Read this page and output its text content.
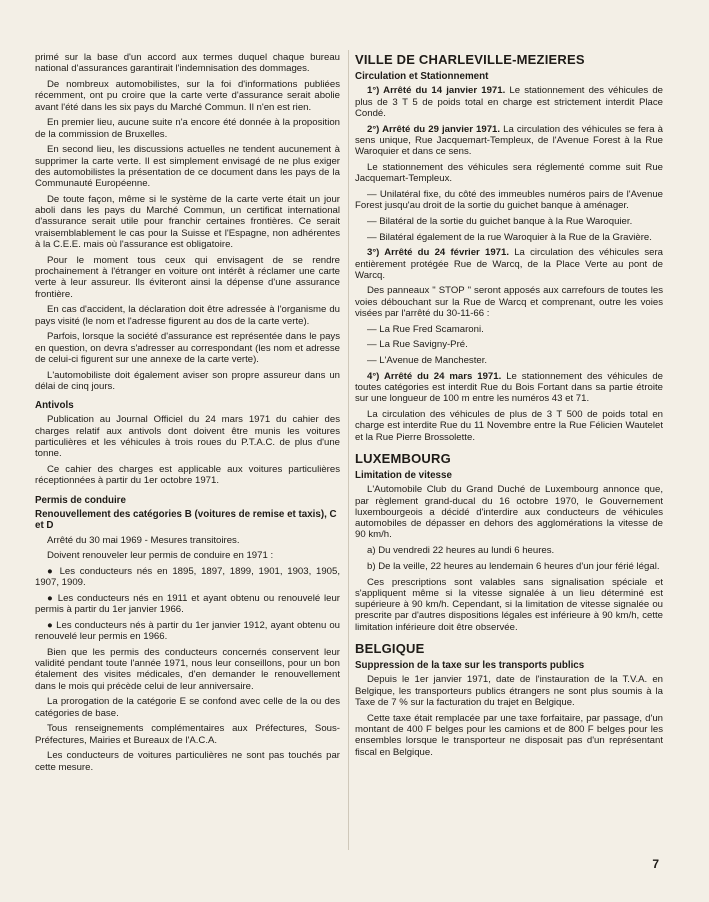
primé sur la base d'un accord aux termes duquel chaque bureau national d'assurances garantirait l'indemnisation des dommages.

De nombreux automobilistes, sur la foi d'informations publiées récemment, ont pu croire que la carte verte d'assurance serait abolie avant l'été dans les six pays du Marché Commun. Il n'en est rien.

En premier lieu, aucune suite n'a encore été donnée à la proposition de la commission de Bruxelles.

En second lieu, les discussions actuelles ne tendent aucunement à supprimer la carte verte. Il est simplement envisagé de ne plus exiger des automobilistes la présentation de ce document dans les pays de la Communauté Européenne.

De toute façon, même si le système de la carte verte était un jour aboli dans les pays du Marché Commun, un certificat international d'assurance serait utile pour franchir certaines frontières. Ce serait vraisemblablement le cas pour la Suisse et l'Espagne, non adhérentes à la C.E.E. mais où l'assurance est obligatoire.

Pour le moment tous ceux qui envisagent de se rendre prochainement à l'étranger en voiture ont intérêt à réclamer une carte verte à leur assureur. Ils éviteront ainsi la dépense d'une assurance frontière.

En cas d'accident, la déclaration doit être adressée à l'organisme du pays visité (le nom et l'adresse figurent au dos de la carte verte).

Parfois, lorsque la société d'assurance est représentée dans le pays en question, on devra s'adresser au correspondant (les nom et adresse de celui-ci figurent sur une annexe de la carte verte).

L'automobiliste doit également aviser son propre assureur dans un délai de cinq jours.

Antivols

Publication au Journal Officiel du 24 mars 1971 du cahier des charges relatif aux antivols dont doivent être munis les voitures particulières et les véhicules à trois roues du P.T.A.C. de plus d'une tonne.

Ce cahier des charges est applicable aux voitures particulières réceptionnées à partir du 1er octobre 1971.

Permis de conduire
Renouvellement des catégories B (voitures de remise et taxis), C et D

Arrêté du 30 mai 1969 - Mesures transitoires.

Doivent renouveler leur permis de conduire en 1971 :

● Les conducteurs nés en 1895, 1897, 1899, 1901, 1903, 1905, 1907, 1909.

● Les conducteurs nés en 1911 et ayant obtenu ou renouvelé leur permis à partir du 1er janvier 1966.

● Les conducteurs nés à partir du 1er janvier 1912, ayant obtenu ou renouvelé leur permis en 1966.

Bien que les permis des conducteurs concernés conservent leur validité pendant toute l'année 1971, nous leur conseillons, pour un bon étalement des visites médicales, d'en demander le renouvellement dans le mois qui précède celui de leur anniversaire.

La prorogation de la catégorie E se confond avec celle de la ou des catégories de base.

Tous renseignements complémentaires aux Préfectures, Sous-Préfectures, Mairies et Bureaux de l'A.C.A.

Les conducteurs de voitures particulières ne sont pas touchés par cette mesure.

VILLE DE CHARLEVILLE-MEZIERES
Circulation et Stationnement

1°) Arrêté du 14 janvier 1971. Le stationnement des véhicules de plus de 3 T 5 de poids total en charge est strictement interdit Place Condé.

2°) Arrêté du 29 janvier 1971. La circulation des véhicules se fera à sens unique, Rue Jacquemart-Templeux, de l'Avenue Forest à la Rue Waroquier et dans ce sens.

Le stationnement des véhicules sera réglementé comme suit Rue Jacquemart-Templeux.

— Unilatéral fixe, du côté des immeubles numéros pairs de l'Avenue Forest jusqu'au droit de la sortie du guichet banque à aménager.

— Bilatéral de la sortie du guichet banque à la Rue Waroquier.

— Bilatéral également de la rue Waroquier à la Rue de la Gravière.

3°) Arrêté du 24 février 1971. La circulation des véhicules sera entièrement protégée Rue de Warcq, de la Place Verte au pont de Warcq.

Des panneaux " STOP " seront apposés aux carrefours de toutes les voies débouchant sur la Rue de Warcq et comprenant, outre les voies visées par l'arrêté du 30-11-66 :

— La Rue Fred Scamaroni.

— La Rue Savigny-Pré.

— L'Avenue de Manchester.

4°) Arrêté du 24 mars 1971. Le stationnement des véhicules de toutes catégories est interdit Rue du Bois Fortant dans sa partie étroite sur une longueur de 100 m entre les numéros 43 et 71.

La circulation des véhicules de plus de 3 T 500 de poids total en charge est interdite Rue du 11 Novembre entre la Rue Félicien Wautelet et la Rue Pierre Brossolette.

LUXEMBOURG
Limitation de vitesse

L'Automobile Club du Grand Duché de Luxembourg annonce que, par règlement grand-ducal du 16 octobre 1970, le Gouvernement luxembourgeois a décidé d'interdire aux conducteurs de véhicules automobiles de dépasser en dehors des agglomérations la vitesse de 90 km/h.

a) Du vendredi 22 heures au lundi 6 heures.

b) De la veille, 22 heures au lendemain 6 heures d'un jour férié légal.

Ces prescriptions sont valables sans signalisation spéciale et s'appliquent même si la vitesse signalée à un lieu déterminé est supérieure à 90 km/h. Cependant, si la limitation de vitesse signalée ou prescrite par d'autres dispositions légales est inférieure à 90 km/h, cette limitation inférieure doit être observée.

BELGIQUE
Suppression de la taxe sur les transports publics

Depuis le 1er janvier 1971, date de l'instauration de la T.V.A. en Belgique, les transporteurs publics étrangers ne sont plus soumis à la Taxe de 7 % sur la facturation du trajet en Belgique.

Cette taxe était remplacée par une taxe forfaitaire, par passage, d'un montant de 400 F belges pour les camions et de 800 F belges pour les ensembles lorsque le transporteur ne disposait pas d'un représentant fiscal en Belgique.

7
